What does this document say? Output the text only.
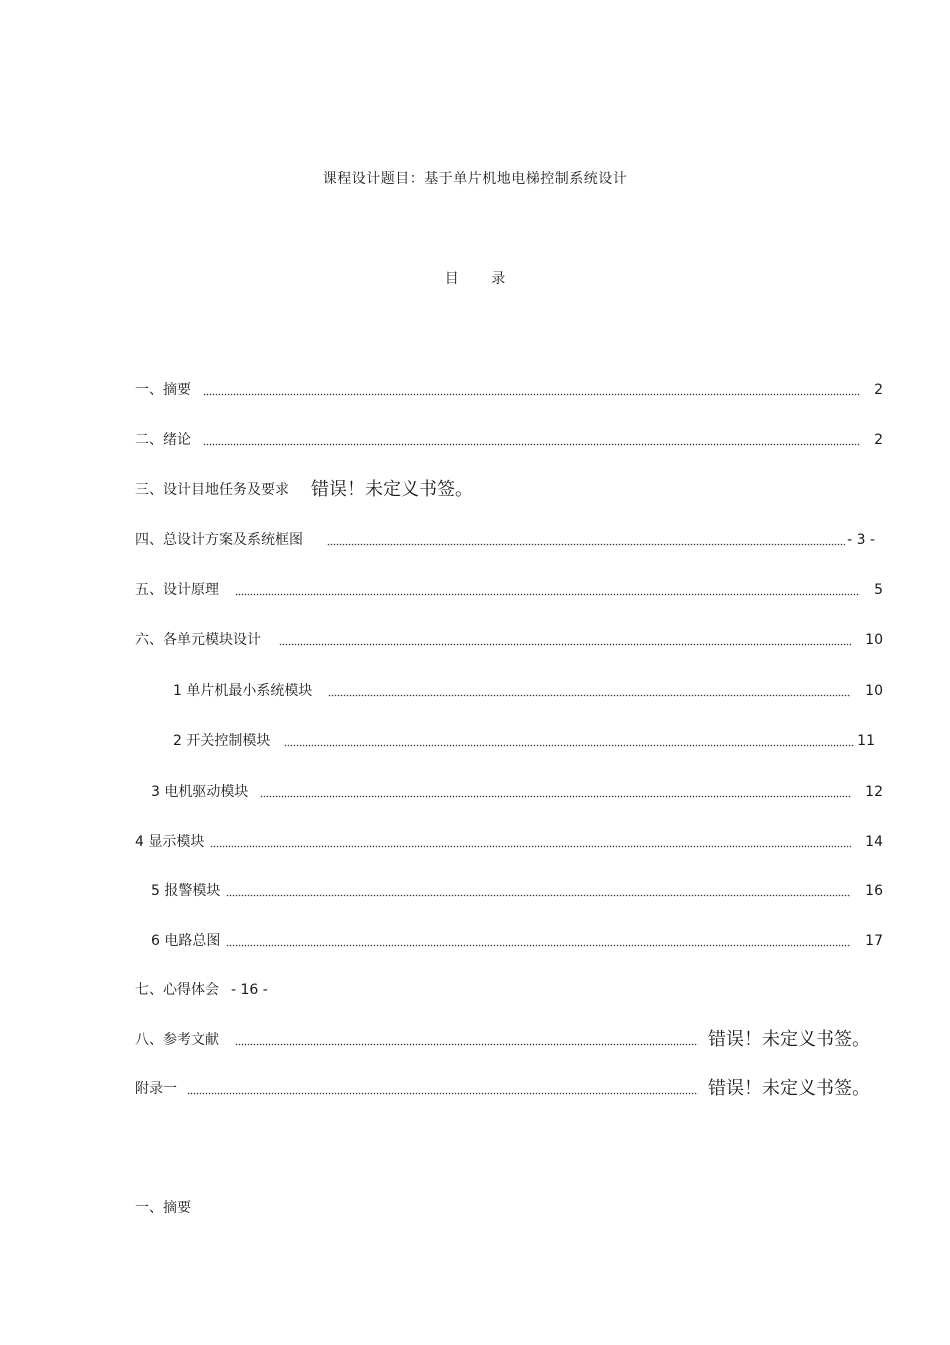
课程设计题目：基于单片机地电梯控制系统设计
目 录
一、摘要	2
二、绪论	2
三、设计目地任务及要求 错误！未定义书签。
四、总设计方案及系统框图	- 3 -
五、设计原理	5
六、各单元模块设计	10
1 单片机最小系统模块	10
2 开关控制模块	11
3 电机驱动模块	12
4 显示模块	14
5 报警模块	16
6 电路总图	17
七、心得体会 - 16 -
八、参考文献	错误！未定义书签。
附录一	错误！未定义书签。
一、摘要
